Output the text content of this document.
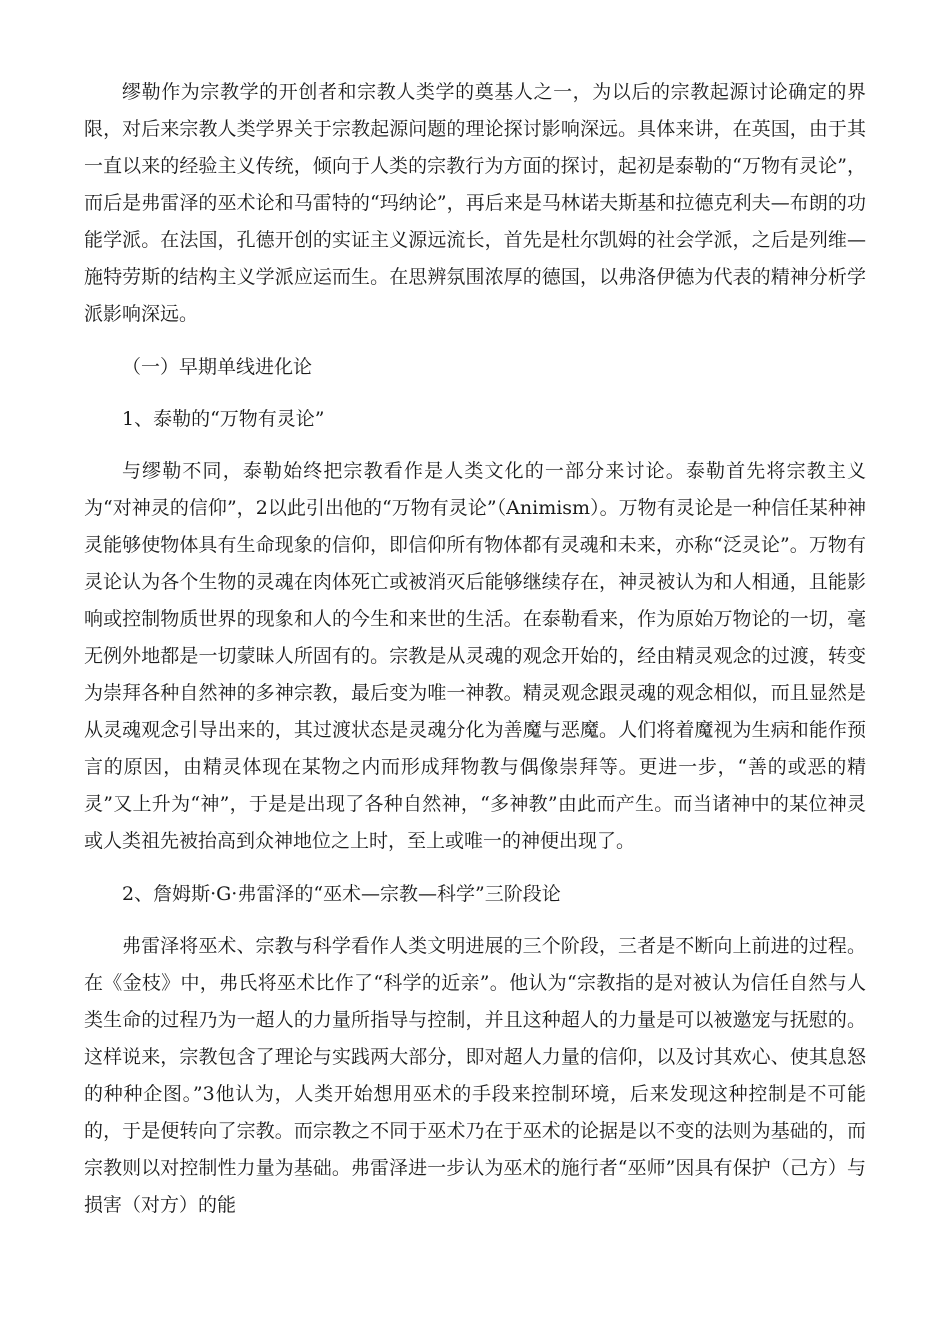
缪勒作为宗教学的开创者和宗教人类学的奠基人之一，为以后的宗教起源讨论确定的界限，对后来宗教人类学界关于宗教起源问题的理论探讨影响深远。具体来讲，在英国，由于其一直以来的经验主义传统，倾向于人类的宗教行为方面的探讨，起初是泰勒的“万物有灵论”，而后是弗雷泽的巫术论和马雷特的“玛纳论”，再后来是马林诺夫斯基和拉德克利夫—布朗的功能学派。在法国，孔德开创的实证主义源远流长，首先是杜尔凯姆的社会学派，之后是列维—施特劳斯的结构主义学派应运而生。在思辨氛围浓厚的德国，以弗洛伊德为代表的精神分析学派影响深远。

（一）早期单线进化论

1、泰勒的“万物有灵论”

与缪勒不同，泰勒始终把宗教看作是人类文化的一部分来讨论。泰勒首先将宗教主义为“对神灵的信仰”，2以此引出他的“万物有灵论”（Animism）。万物有灵论是一种信任某种神灵能够使物体具有生命现象的信仰，即信仰所有物体都有灵魂和未来，亦称“泛灵论”。万物有灵论认为各个生物的灵魂在肉体死亡或被消灭后能够继续存在，神灵被认为和人相通，且能影响或控制物质世界的现象和人的今生和来世的生活。在泰勒看来，作为原始万物论的一切，毫无例外地都是一切蒙昧人所固有的。宗教是从灵魂的观念开始的，经由精灵观念的过渡，转变为崇拜各种自然神的多神宗教，最后变为唯一神教。精灵观念跟灵魂的观念相似，而且显然是从灵魂观念引导出来的，其过渡状态是灵魂分化为善魔与恶魔。人们将着魔视为生病和能作预言的原因，由精灵体现在某物之内而形成拜物教与偶像崇拜等。更进一步，“善的或恶的精灵”又上升为“神”，于是是出现了各种自然神，“多神教”由此而产生。而当诸神中的某位神灵或人类祖先被抬高到众神地位之上时，至上或唯一的神便出现了。

2、詹姆斯·G·弗雷泽的“巫术—宗教—科学”三阶段论

弗雷泽将巫术、宗教与科学看作人类文明进展的三个阶段，三者是不断向上前进的过程。在《金枝》中，弗氏将巫术比作了“科学的近亲”。他认为“宗教指的是对被认为信任自然与人类生命的过程乃为一超人的力量所指导与控制，并且这种超人的力量是可以被邀宠与抚慰的。这样说来，宗教包含了理论与实践两大部分，即对超人力量的信仰，以及讨其欢心、使其息怒的种种企图。”3他认为，人类开始想用巫术的手段来控制环境，后来发现这种控制是不可能的，于是便转向了宗教。而宗教之不同于巫术乃在于巫术的论据是以不变的法则为基础的，而宗教则以对控制性力量为基础。弗雷泽进一步认为巫术的施行者“巫师”因具有保护（己方）与损害（对方）的能
